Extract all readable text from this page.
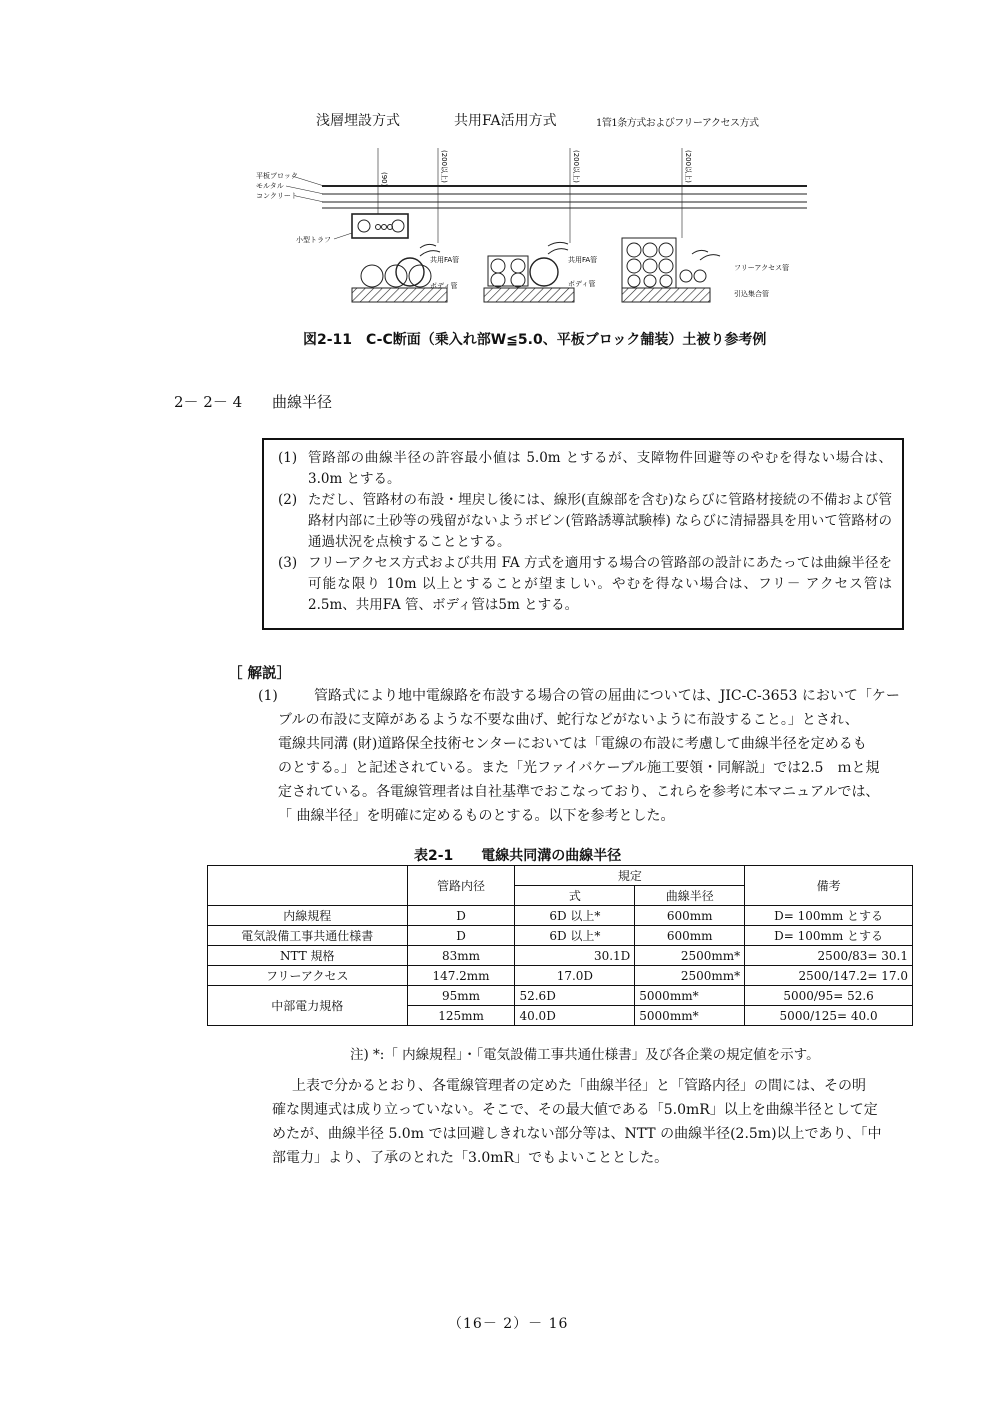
浅層埋設方式	共用FA活用方式	1管1条方式およびフリーアクセス方式
平板ブロック
モルタル
コンクリート
小型トラフ
(90)	(200以上)
共用FA管
ボディ管
(200以上)
共用FA管
ボディ管
(200以上)
フリーアクセス管
引込集合管
図2-11　C-C断面（乗入れ部W≦5.0、平板ブロック舗装）土被り参考例
2－ 2－ 4 曲線半径
(1) 管路部の曲線半径の許容最小値は 5.0m とするが、支障物件回避等のやむを得ない場合は、3.0m とする。
(2) ただし、管路材の布設・埋戻し後には、線形(直線部を含む)ならびに管路材接続の不備および管路材内部に土砂等の残留がないようボビン(管路誘導試験棒) ならびに清掃器具を用いて管路材の通過状況を点検することとする。
(3) フリーアクセス方式および共用 FA 方式を適用する場合の管路部の設計にあたっては曲線半径を可能な限り 10m 以上とすることが望ましい。やむを得ない場合は、フリ－ アクセス管は2.5m、共用FA 管、ボディ管は5m とする。
［ 解説］
(1)	管路式により地中電線路を布設する場合の管の屈曲については、JIC-C-3653 において「ケー
ブルの布設に支障があるような不要な曲げ、蛇行などがないように布設すること。」とされ、
電線共同溝 (財)道路保全技術センターにおいては「電線の布設に考慮して曲線半径を定めるも
のとする。」と記述されている。また「光ファイバケーブル施工要領・同解説」では2.5　ｍと規
定されている。各電線管理者は自社基準でおこなっており、これらを参考に本マニュアルでは、
「 曲線半径」を明確に定めるものとする。以下を参考とした。
表2-1　　電線共同溝の曲線半径
	管路内径	規定		備考
		式	曲線半径	
内線規程	D	6D 以上*	600mm	D= 100mm とする
電気設備工事共通仕様書	D	6D 以上*	600mm	D= 100mm とする
NTT 規格	83mm	30.1D	2500mm*	2500/83= 30.1
フリーアクセス	147.2mm	17.0D	2500mm*	2500/147.2= 17.0
中部電力規格	95mm	52.6D	5000mm*	5000/95= 52.6
	125mm	40.0D	5000mm*	5000/125= 40.0
注) *:「 内線規程」・「電気設備工事共通仕様書」及び各企業の規定値を示す。
上表で分かるとおり、各電線管理者の定めた「曲線半径」と「管路内径」の間には、その明
確な関連式は成り立っていない。そこで、その最大値である「5.0mR」以上を曲線半径として定
めたが、曲線半径 5.0m では回避しきれない部分等は、NTT の曲線半径(2.5m)以上であり、「中
部電力」より、了承のとれた「3.0mR」でもよいこととした。
（16－ 2）－ 16
